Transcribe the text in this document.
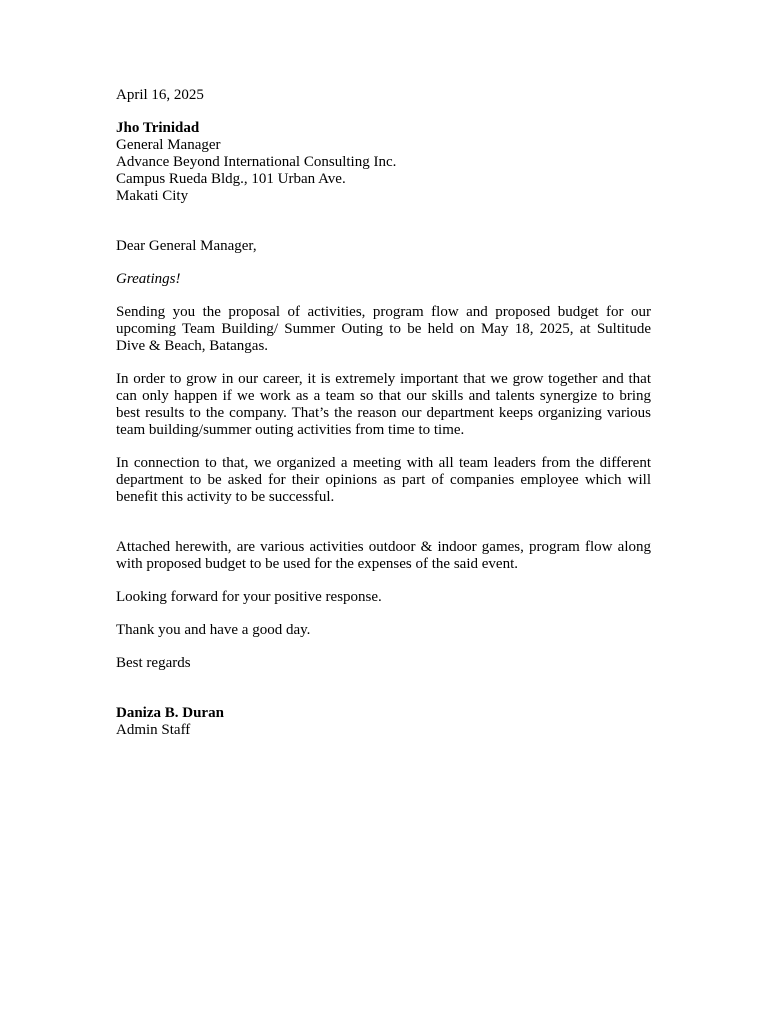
April 16, 2025
Jho Trinidad
General Manager
Advance Beyond International Consulting Inc.
Campus Rueda Bldg., 101 Urban Ave.
Makati City
Dear General Manager,
Greatings!

Sending you the proposal of activities, program flow and proposed budget for our upcoming Team Building/ Summer Outing to be held on May 18, 2025, at Sultitude Dive & Beach, Batangas.

In order to grow in our career, it is extremely important that we grow together and that can only happen if we work as a team so that our skills and talents synergize to bring best results to the company. That’s the reason our department keeps organizing various team building/summer outing activities from time to time.

In connection to that, we organized a meeting with all team leaders from the different department to be asked for their opinions as part of companies employee which will benefit this activity to be successful.

Attached herewith, are various activities outdoor & indoor games, program flow along with proposed budget to be used for the expenses of the said event.

Looking forward for your positive response.

Thank you and have a good day.

Best regards
Daniza B. Duran
Admin Staff
